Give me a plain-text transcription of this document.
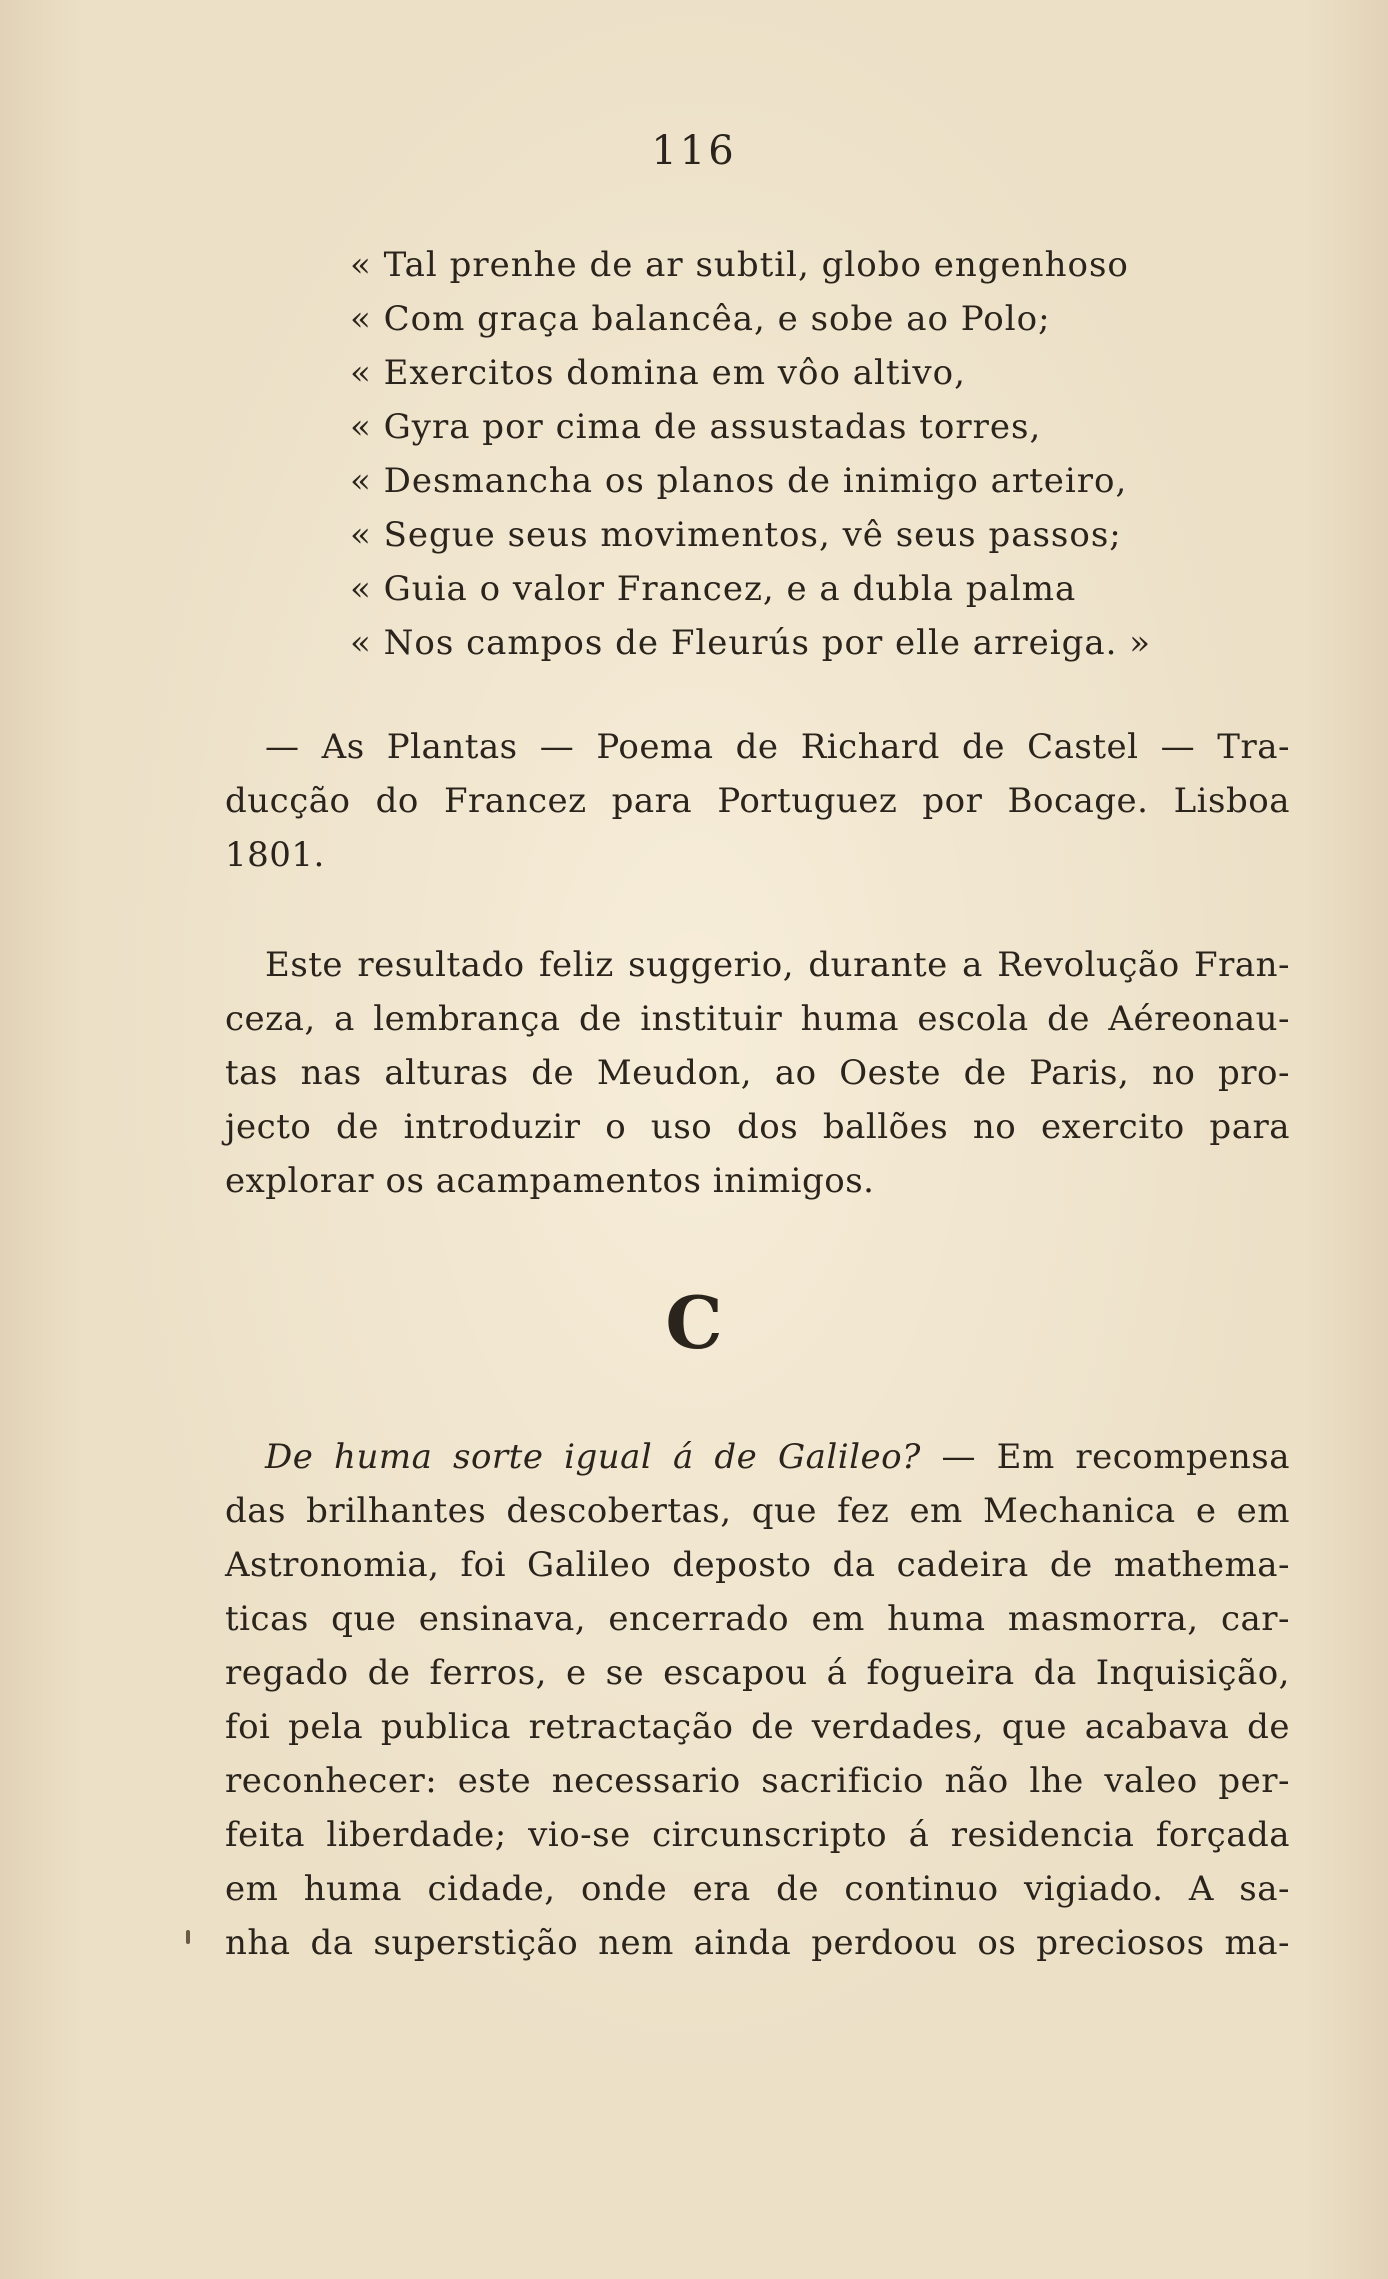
116
« Tal prenhe de ar subtil, globo engenhoso
« Com graça balancêa, e sobe ao Polo;
« Exercitos domina em vôo altivo,
« Gyra por cima de assustadas torres,
« Desmancha os planos de inimigo arteiro,
« Segue seus movimentos, vê seus passos;
« Guia o valor Francez, e a dubla palma
« Nos campos de Fleurús por elle arreiga. »
— As Plantas — Poema de Richard de Castel — Tra-
ducção do Francez para Portuguez por Bocage. Lisboa
1801.
Este resultado feliz suggerio, durante a Revolução Fran-
ceza, a lembrança de instituir huma escola de Aéreonau-
tas nas alturas de Meudon, ao Oeste de Paris, no pro-
jecto de introduzir o uso dos ballões no exercito para
explorar os acampamentos inimigos.
C
De huma sorte igual á de Galileo? — Em recompensa
das brilhantes descobertas, que fez em Mechanica e em
Astronomia, foi Galileo deposto da cadeira de mathema-
ticas que ensinava, encerrado em huma masmorra, car-
regado de ferros, e se escapou á fogueira da Inquisição,
foi pela publica retractação de verdades, que acabava de
reconhecer: este necessario sacrificio não lhe valeo per-
feita liberdade; vio-se circunscripto á residencia forçada
em huma cidade, onde era de continuo vigiado. A sa-
nha da superstição nem ainda perdoou os preciosos ma-
